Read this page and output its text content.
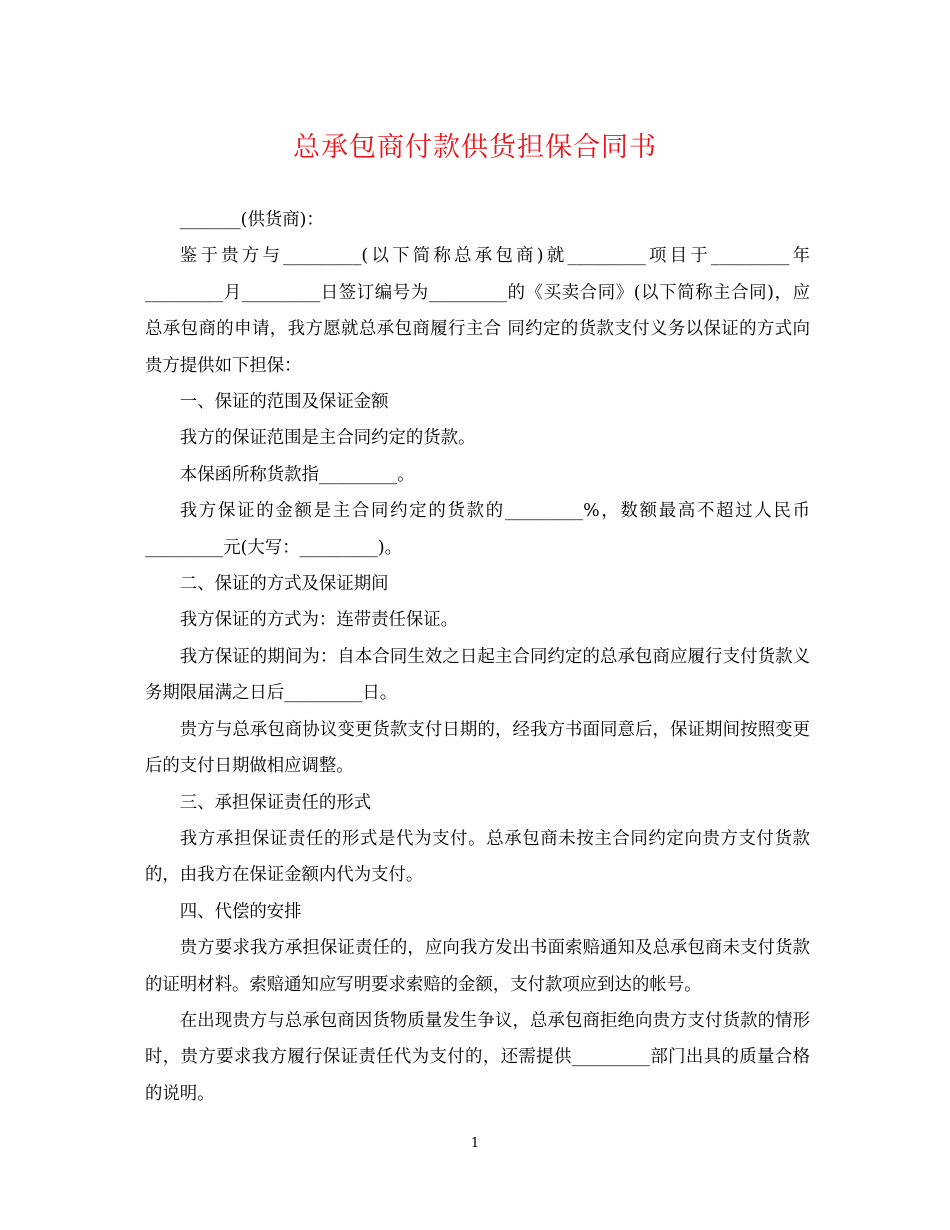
总承包商付款供货担保合同书

_______(供货商)：

鉴于贵方与_________(以下简称总承包商)就_________项目于_________年_________月_________日签订编号为_________的《买卖合同》(以下简称主合同)，应总承包商的申请，我方愿就总承包商履行主合 同约定的货款支付义务以保证的方式向贵方提供如下担保：

一、保证的范围及保证金额

我方的保证范围是主合同约定的货款。

本保函所称货款指_________。

我方保证的金额是主合同约定的货款的_________%，数额最高不超过人民币_________元(大写：_________)。

二、保证的方式及保证期间

我方保证的方式为：连带责任保证。

我方保证的期间为：自本合同生效之日起主合同约定的总承包商应履行支付货款义务期限届满之日后_________日。

贵方与总承包商协议变更货款支付日期的，经我方书面同意后，保证期间按照变更后的支付日期做相应调整。

三、承担保证责任的形式

我方承担保证责任的形式是代为支付。总承包商未按主合同约定向贵方支付货款的，由我方在保证金额内代为支付。

四、代偿的安排

贵方要求我方承担保证责任的，应向我方发出书面索赔通知及总承包商未支付货款的证明材料。索赔通知应写明要求索赔的金额，支付款项应到达的帐号。

在出现贵方与总承包商因货物质量发生争议，总承包商拒绝向贵方支付货款的情形时，贵方要求我方履行保证责任代为支付的，还需提供_________部门出具的质量合格的说明。

1
